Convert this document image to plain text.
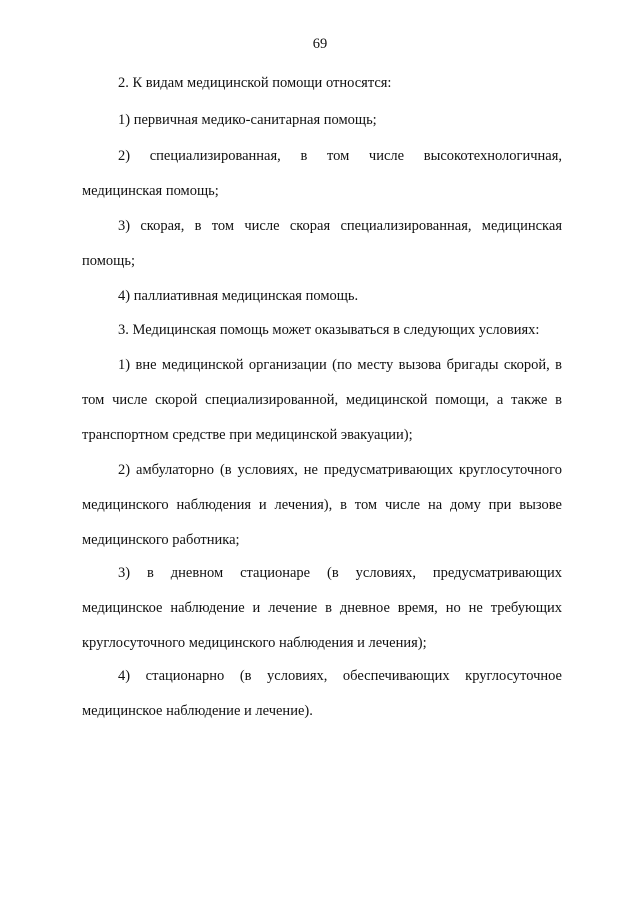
69

2. К видам медицинской помощи относятся:

1) первичная медико-санитарная помощь;

2) специализированная, в том числе высокотехнологичная, медицинская помощь;

3) скорая, в том числе скорая специализированная, медицинская помощь;

4) паллиативная медицинская помощь.

3. Медицинская помощь может оказываться в следующих условиях:

1) вне медицинской организации (по месту вызова бригады скорой, в том числе скорой специализированной, медицинской помощи, а также в транспортном средстве при медицинской эвакуации);

2) амбулаторно (в условиях, не предусматривающих круглосуточного медицинского наблюдения и лечения), в том числе на дому при вызове медицинского работника;

3) в дневном стационаре (в условиях, предусматривающих медицинское наблюдение и лечение в дневное время, но не требующих круглосуточного медицинского наблюдения и лечения);

4) стационарно (в условиях, обеспечивающих круглосуточное медицинское наблюдение и лечение).
